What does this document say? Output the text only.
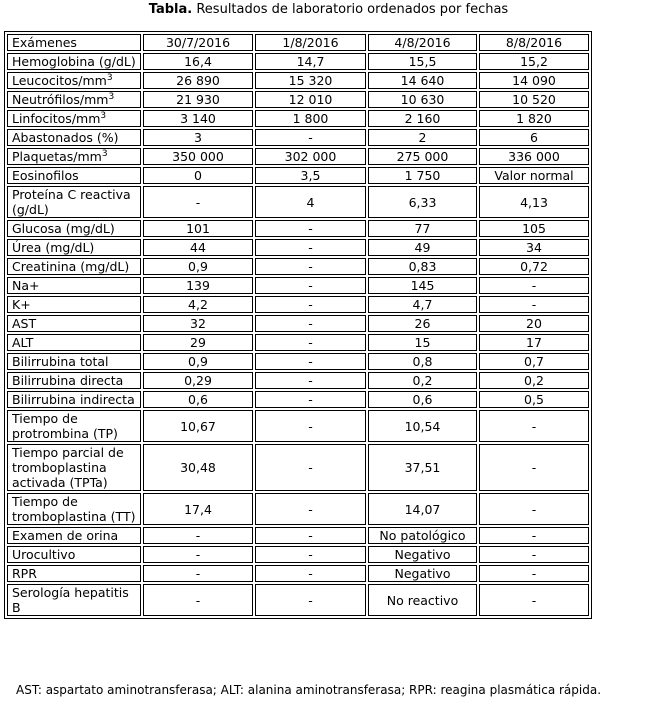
Tabla. Resultados de laboratorio ordenados por fechas
Exámenes	30/7/2016	1/8/2016	4/8/2016	8/8/2016
Hemoglobina (g/dL)	16,4	14,7	15,5	15,2
Leucocitos/$mm^3$	26 890	15 320	14 640	14 090
Neutrófilos/$mm^3$	21 930	12 010	10 630	10 520
Linfocitos/$mm^3$	3 140	1 800	2 160	1 820
Abastonados (%)	3	-	2	6
Plaquetas/$mm^3$	350 000	302 000	275 000	336 000
Eosinofilos	0	3,5	1 750	Valor normal
Proteína C reactiva (g/dL)	-	4	6,33	4,13
Glucosa (mg/dL)	101	-	77	105
Úrea (mg/dL)	44	-	49	34
Creatinina (mg/dL)	0,9	-	0,83	0,72
Na+	139	-	145	-
K+	4,2	-	4,7	-
AST	32	-	26	20
ALT	29	-	15	17
Bilirrubina total	0,9	-	0,8	0,7
Bilirrubina directa	0,29	-	0,2	0,2
Bilirrubina indirecta	0,6	-	0,6	0,5
Tiempo de protrombina (TP)	10,67	-	10,54	-
Tiempo parcial de tromboplastina activada (TPTa)	30,48	-	37,51	-
Tiempo de tromboplastina (TT)	17,4	-	14,07	-
Examen de orina	-	-	No patológico	-
Urocultivo	-	-	Negativo	-
RPR	-	-	Negativo	-
Serología hepatitis B	-	-	No reactivo	-
AST: aspartato aminotransferasa; ALT: alanina aminotransferasa; RPR: reagina plasmática rápida.
